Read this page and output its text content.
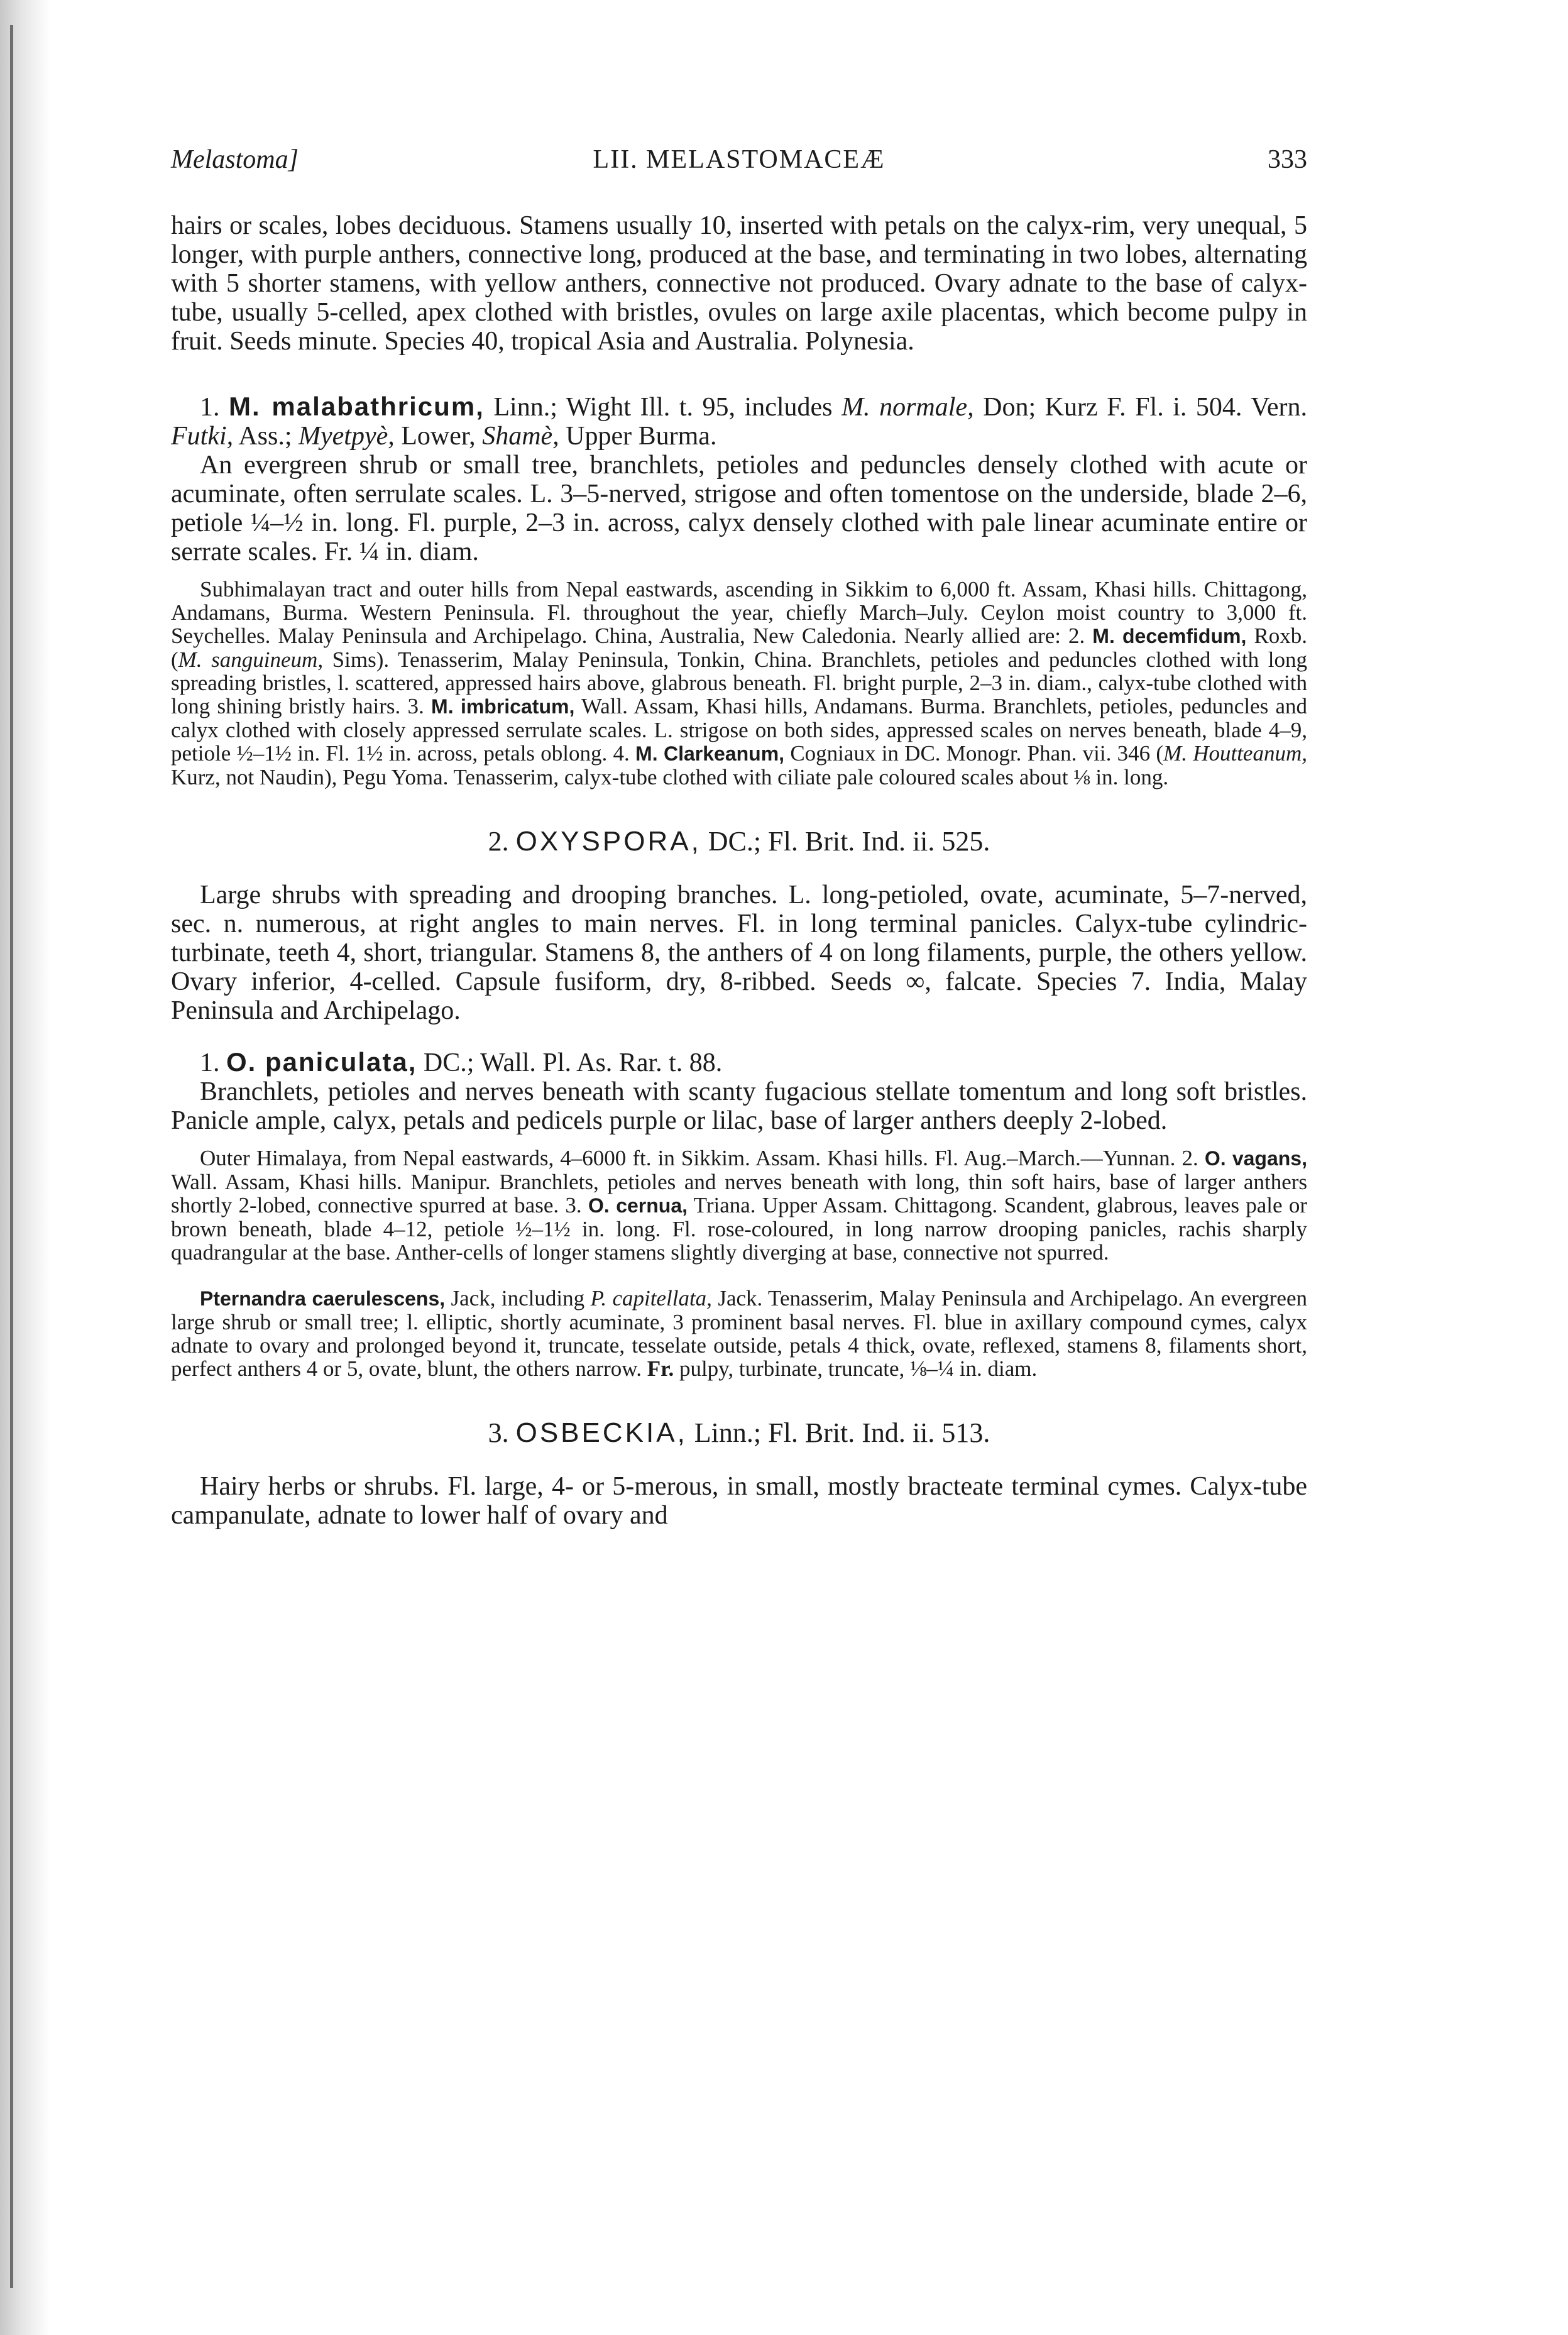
Melastoma]	LII. MELASTOMACEÆ	333

hairs or scales, lobes deciduous. Stamens usually 10, inserted with petals on the calyx-rim, very unequal, 5 longer, with purple anthers, connective long, produced at the base, and terminating in two lobes, alternating with 5 shorter stamens, with yellow anthers, connective not produced. Ovary adnate to the base of calyx-tube, usually 5-celled, apex clothed with bristles, ovules on large axile placentas, which become pulpy in fruit. Seeds minute. Species 40, tropical Asia and Australia. Polynesia.

1. M. malabathricum, Linn.; Wight Ill. t. 95, includes M. normale, Don; Kurz F. Fl. i. 504. Vern. Futki, Ass.; Myetpyè, Lower, Shamè, Upper Burma.

An evergreen shrub or small tree, branchlets, petioles and peduncles densely clothed with acute or acuminate, often serrulate scales. L. 3–5-nerved, strigose and often tomentose on the underside, blade 2–6, petiole ¼–½ in. long. Fl. purple, 2–3 in. across, calyx densely clothed with pale linear acuminate entire or serrate scales. Fr. ¼ in. diam.

Subhimalayan tract and outer hills from Nepal eastwards, ascending in Sikkim to 6,000 ft. Assam, Khasi hills. Chittagong, Andamans, Burma. Western Peninsula. Fl. throughout the year, chiefly March–July. Ceylon moist country to 3,000 ft. Seychelles. Malay Peninsula and Archipelago. China, Australia, New Caledonia. Nearly allied are: 2. M. decemfidum, Roxb. (M. sanguineum, Sims). Tenasserim, Malay Peninsula, Tonkin, China. Branchlets, petioles and peduncles clothed with long spreading bristles, l. scattered, appressed hairs above, glabrous beneath. Fl. bright purple, 2–3 in. diam., calyx-tube clothed with long shining bristly hairs. 3. M. imbricatum, Wall. Assam, Khasi hills, Andamans. Burma. Branchlets, petioles, peduncles and calyx clothed with closely appressed serrulate scales. L. strigose on both sides, appressed scales on nerves beneath, blade 4–9, petiole ½–1½ in. Fl. 1½ in. across, petals oblong. 4. M. Clarkeanum, Cogniaux in DC. Monogr. Phan. vii. 346 (M. Houtteanum, Kurz, not Naudin), Pegu Yoma. Tenasserim, calyx-tube clothed with ciliate pale coloured scales about ⅛ in. long.

2. OXYSPORA, DC.; Fl. Brit. Ind. ii. 525.

Large shrubs with spreading and drooping branches. L. long-petioled, ovate, acuminate, 5–7-nerved, sec. n. numerous, at right angles to main nerves. Fl. in long terminal panicles. Calyx-tube cylindric-turbinate, teeth 4, short, triangular. Stamens 8, the anthers of 4 on long filaments, purple, the others yellow. Ovary inferior, 4-celled. Capsule fusiform, dry, 8-ribbed. Seeds ∞, falcate. Species 7. India, Malay Peninsula and Archipelago.

1. O. paniculata, DC.; Wall. Pl. As. Rar. t. 88.

Branchlets, petioles and nerves beneath with scanty fugacious stellate tomentum and long soft bristles. Panicle ample, calyx, petals and pedicels purple or lilac, base of larger anthers deeply 2-lobed.

Outer Himalaya, from Nepal eastwards, 4–6000 ft. in Sikkim. Assam. Khasi hills. Fl. Aug.–March.—Yunnan. 2. O. vagans, Wall. Assam, Khasi hills. Manipur. Branchlets, petioles and nerves beneath with long, thin soft hairs, base of larger anthers shortly 2-lobed, connective spurred at base. 3. O. cernua, Triana. Upper Assam. Chittagong. Scandent, glabrous, leaves pale or brown beneath, blade 4–12, petiole ½–1½ in. long. Fl. rose-coloured, in long narrow drooping panicles, rachis sharply quadrangular at the base. Anther-cells of longer stamens slightly diverging at base, connective not spurred.

Pternandra caerulescens, Jack, including P. capitellata, Jack. Tenasserim, Malay Peninsula and Archipelago. An evergreen large shrub or small tree; l. elliptic, shortly acuminate, 3 prominent basal nerves. Fl. blue in axillary compound cymes, calyx adnate to ovary and prolonged beyond it, truncate, tesselate outside, petals 4 thick, ovate, reflexed, stamens 8, filaments short, perfect anthers 4 or 5, ovate, blunt, the others narrow. Fr. pulpy, turbinate, truncate, ⅛–¼ in. diam.

3. OSBECKIA, Linn.; Fl. Brit. Ind. ii. 513.

Hairy herbs or shrubs. Fl. large, 4- or 5-merous, in small, mostly bracteate terminal cymes. Calyx-tube campanulate, adnate to lower half of ovary and
